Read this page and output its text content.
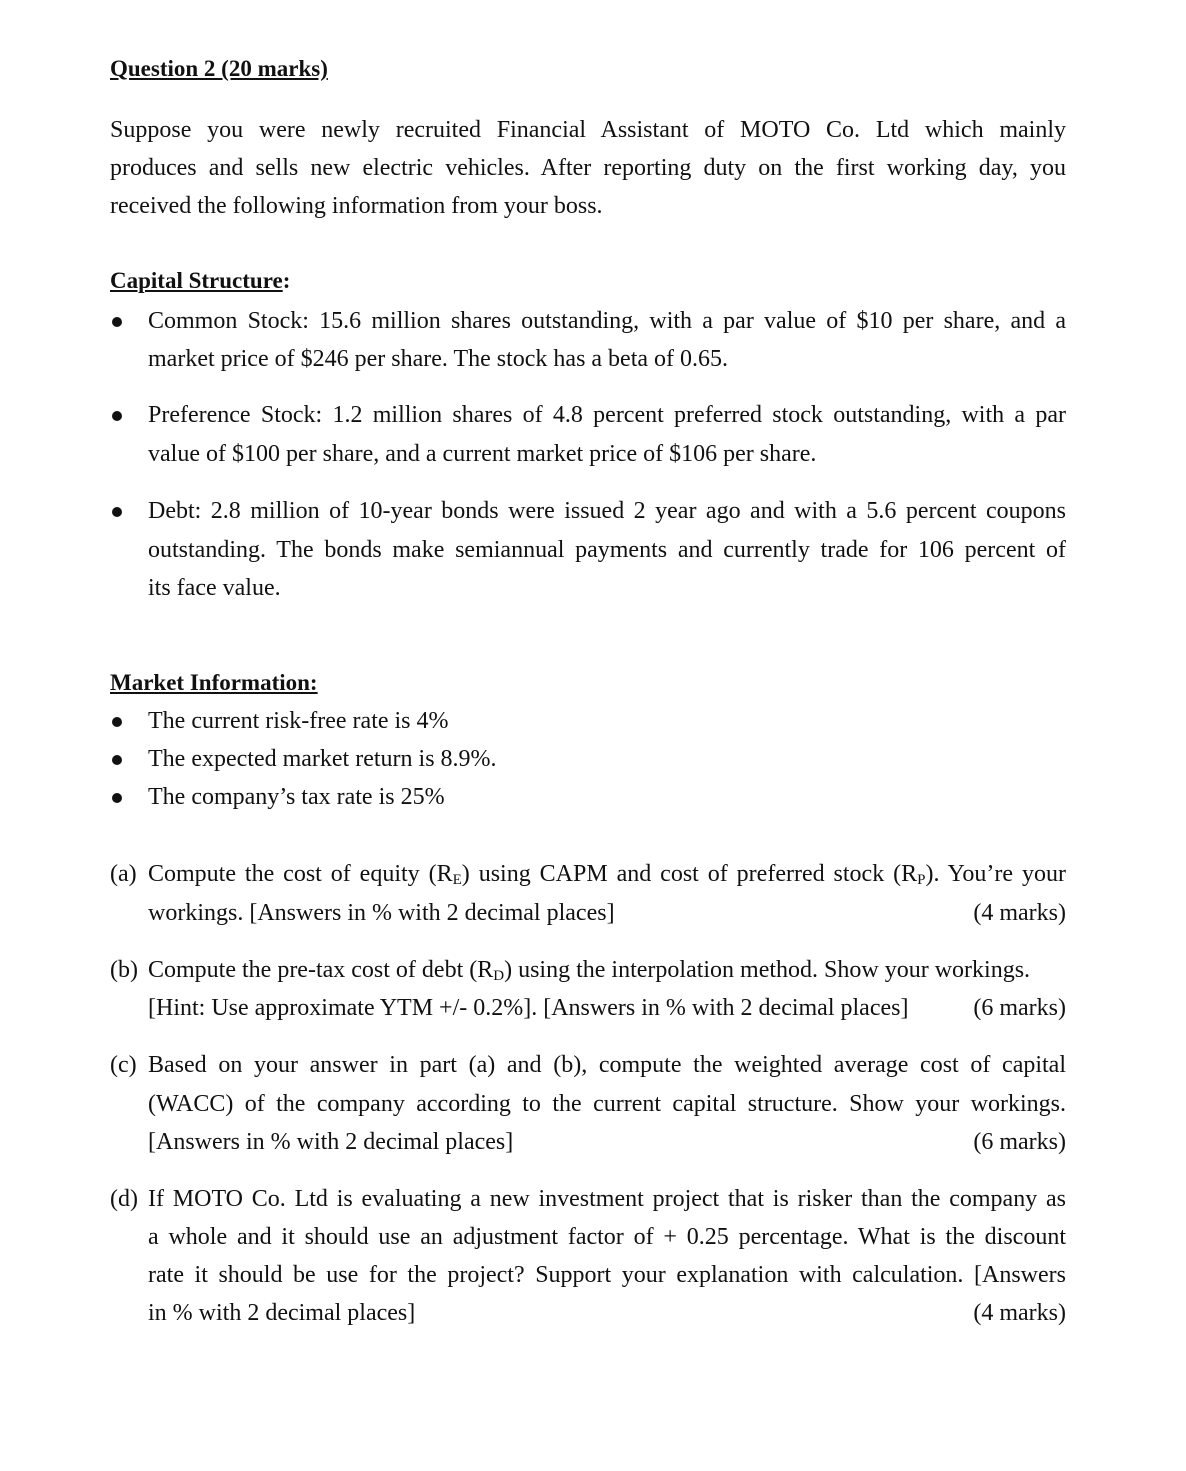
Question 2 (20 marks)
Suppose you were newly recruited Financial Assistant of MOTO Co. Ltd which mainly
produces and sells new electric vehicles. After reporting duty on the first working day, you
received the following information from your boss.
Capital Structure:
Common Stock: 15.6 million shares outstanding, with a par value of $10 per share, and a
market price of $246 per share. The stock has a beta of 0.65.
Preference Stock: 1.2 million shares of 4.8 percent preferred stock outstanding, with a par
value of $100 per share, and a current market price of $106 per share.
Debt: 2.8 million of 10-year bonds were issued 2 year ago and with a 5.6 percent coupons
outstanding. The bonds make semiannual payments and currently trade for 106 percent of
its face value.
Market Information:
The current risk-free rate is 4%
The expected market return is 8.9%.
The company’s tax rate is 25%
(a) Compute the cost of equity (RE) using CAPM and cost of preferred stock (RP). You’re your
workings. [Answers in % with 2 decimal places]	(4 marks)
(b) Compute the pre-tax cost of debt (RD) using the interpolation method. Show your workings.
[Hint: Use approximate YTM +/- 0.2%]. [Answers in % with 2 decimal places]	(6 marks)
(c) Based on your answer in part (a) and (b), compute the weighted average cost of capital
(WACC) of the company according to the current capital structure. Show your workings.
[Answers in % with 2 decimal places]	(6 marks)
(d) If MOTO Co. Ltd is evaluating a new investment project that is risker than the company as
a whole and it should use an adjustment factor of + 0.25 percentage. What is the discount
rate it should be use for the project? Support your explanation with calculation. [Answers
in % with 2 decimal places]	(4 marks)
